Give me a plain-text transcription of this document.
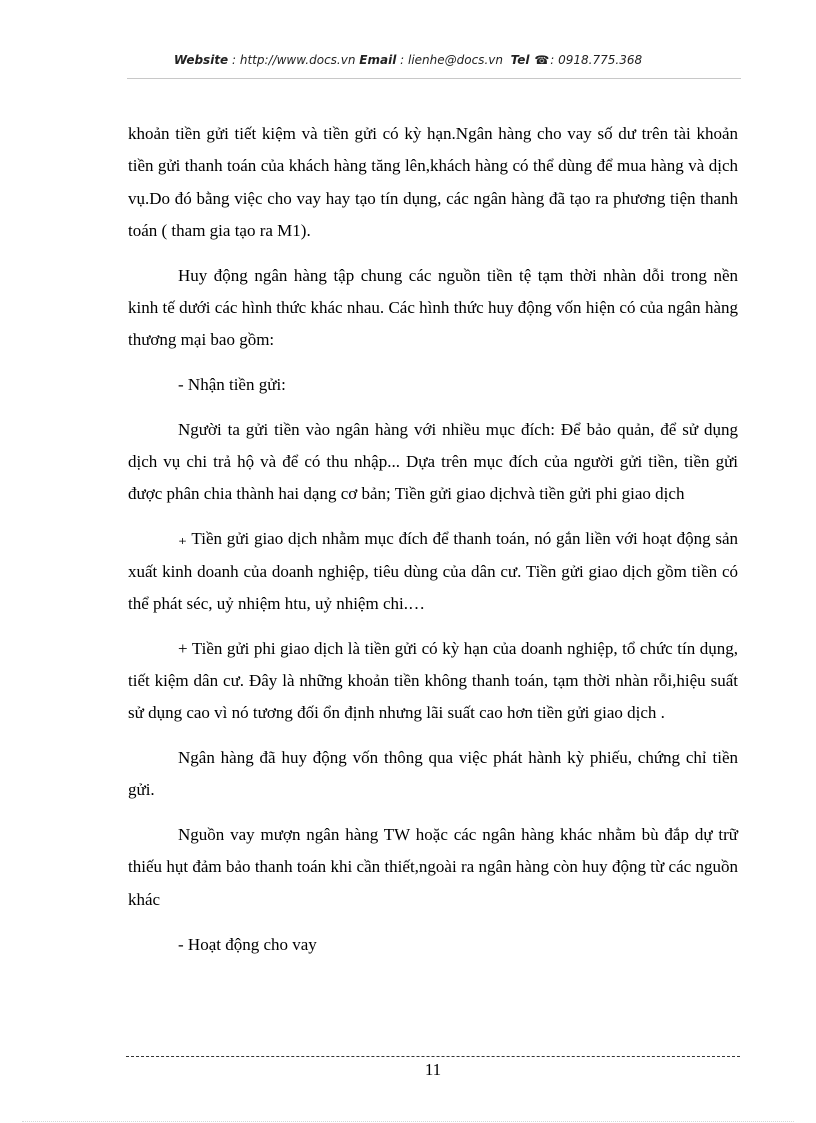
Website : http://www.docs.vn Email : lienhe@docs.vn Tel ☎: 0918.775.368

khoản tiền gửi tiết kiệm và tiền gửi có kỳ hạn.Ngân hàng cho vay số dư trên tài khoản tiền gửi thanh toán của khách hàng tăng lên,khách hàng có thể dùng để mua hàng và dịch vụ.Do đó bằng việc cho vay hay tạo tín dụng, các ngân hàng đã tạo ra phương tiện thanh toán ( tham gia tạo ra M1).

Huy động ngân hàng tập chung các nguồn tiền tệ tạm thời nhàn dỗi trong nền kinh tế dưới các hình thức khác nhau. Các hình thức huy động vốn hiện có của ngân hàng thương mại bao gồm:

- Nhận tiền gửi:

Người ta gửi tiền vào ngân hàng với nhiều mục đích: Để bảo quản, để sử dụng dịch vụ chi trả hộ và để có thu nhập... Dựa trên mục đích của người gửi tiền, tiền gửi được phân chia thành hai dạng cơ bản; Tiền gửi giao dịchvà tiền gửi phi giao dịch

₊ Tiền gửi giao dịch nhằm mục đích để thanh toán, nó gắn liền với hoạt động sản xuất kinh doanh của doanh nghiệp, tiêu dùng của dân cư. Tiền gửi giao dịch gồm tiền có thể phát séc, uỷ nhiệm htu, uỷ nhiệm chi.…

+ Tiền gửi phi giao dịch là tiền gửi có kỳ hạn của doanh nghiệp, tổ chức tín dụng, tiết kiệm dân cư. Đây là những khoản tiền không thanh toán, tạm thời nhàn rỗi,hiệu suất sử dụng cao vì nó tương đối ổn định nhưng lãi suất cao hơn tiền gửi giao dịch .

Ngân hàng đã huy động vốn thông qua việc phát hành kỳ phiếu, chứng chỉ tiền gửi.

Nguồn vay mượn ngân hàng TW hoặc các ngân hàng khác nhằm bù đắp dự trữ thiếu hụt đảm bảo thanh toán khi cần thiết,ngoài ra ngân hàng còn huy động từ các nguồn khác

- Hoạt động cho vay

11
